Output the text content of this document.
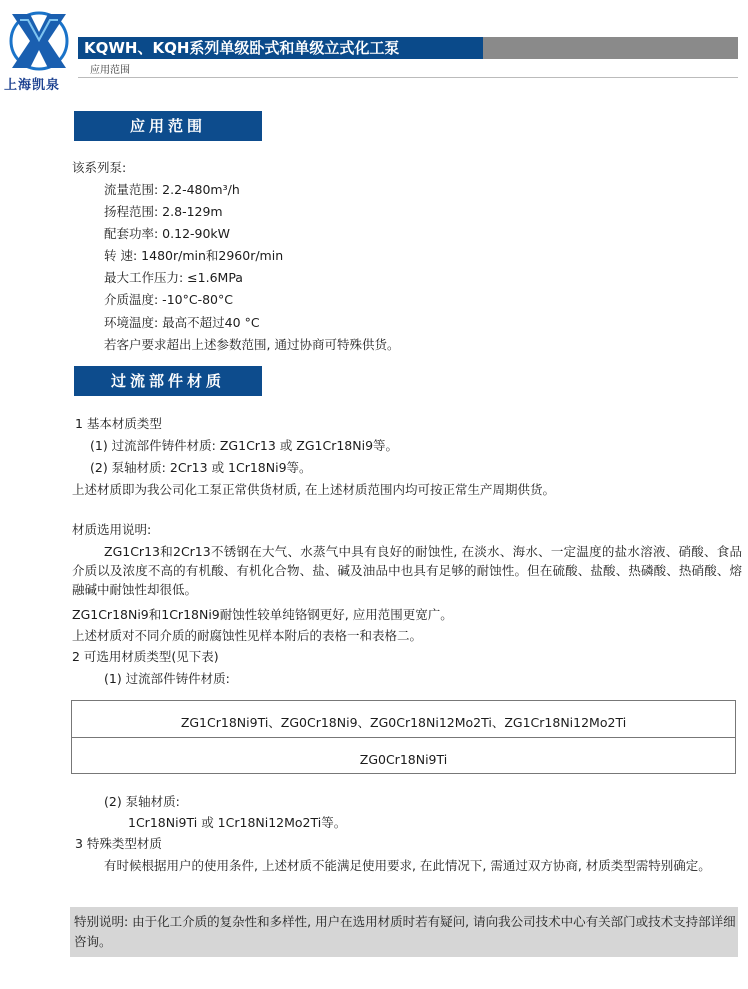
上海凯泉
KQWH、KQH系列单级卧式和单级立式化工泵
应用范围
应用范围
该系列泵:
流量范围: 2.2-480m³/h
扬程范围: 2.8-129m
配套功率: 0.12-90kW
转 速: 1480r/min和2960r/min
最大工作压力: ≤1.6MPa
介质温度: -10°C-80°C
环境温度: 最高不超过40 °C
若客户要求超出上述参数范围, 通过协商可特殊供货。
过流部件材质
1 基本材质类型
(1) 过流部件铸件材质: ZG1Cr13 或 ZG1Cr18Ni9等。
(2) 泵轴材质: 2Cr13 或 1Cr18Ni9等。
上述材质即为我公司化工泵正常供货材质, 在上述材质范围内均可按正常生产周期供货。
材质选用说明:
ZG1Cr13和2Cr13不锈钢在大气、水蒸气中具有良好的耐蚀性, 在淡水、海水、一定温度的盐水溶液、硝酸、食品介质以及浓度不高的有机酸、有机化合物、盐、碱及油品中也具有足够的耐蚀性。但在硫酸、盐酸、热磷酸、热硝酸、熔融碱中耐蚀性却很低。
ZG1Cr18Ni9和1Cr18Ni9耐蚀性较单纯铬钢更好, 应用范围更宽广。
上述材质对不同介质的耐腐蚀性见样本附后的表格一和表格二。
2 可选用材质类型(见下表)
(1) 过流部件铸件材质:
ZG1Cr18Ni9Ti、ZG0Cr18Ni9、ZG0Cr18Ni12Mo2Ti、ZG1Cr18Ni12Mo2Ti
ZG0Cr18Ni9Ti
(2) 泵轴材质:
1Cr18Ni9Ti 或 1Cr18Ni12Mo2Ti等。
3 特殊类型材质
有时候根据用户的使用条件, 上述材质不能满足使用要求, 在此情况下, 需通过双方协商, 材质类型需特别确定。
特别说明: 由于化工介质的复杂性和多样性, 用户在选用材质时若有疑问, 请向我公司技术中心有关部门或技术支持部详细咨询。
